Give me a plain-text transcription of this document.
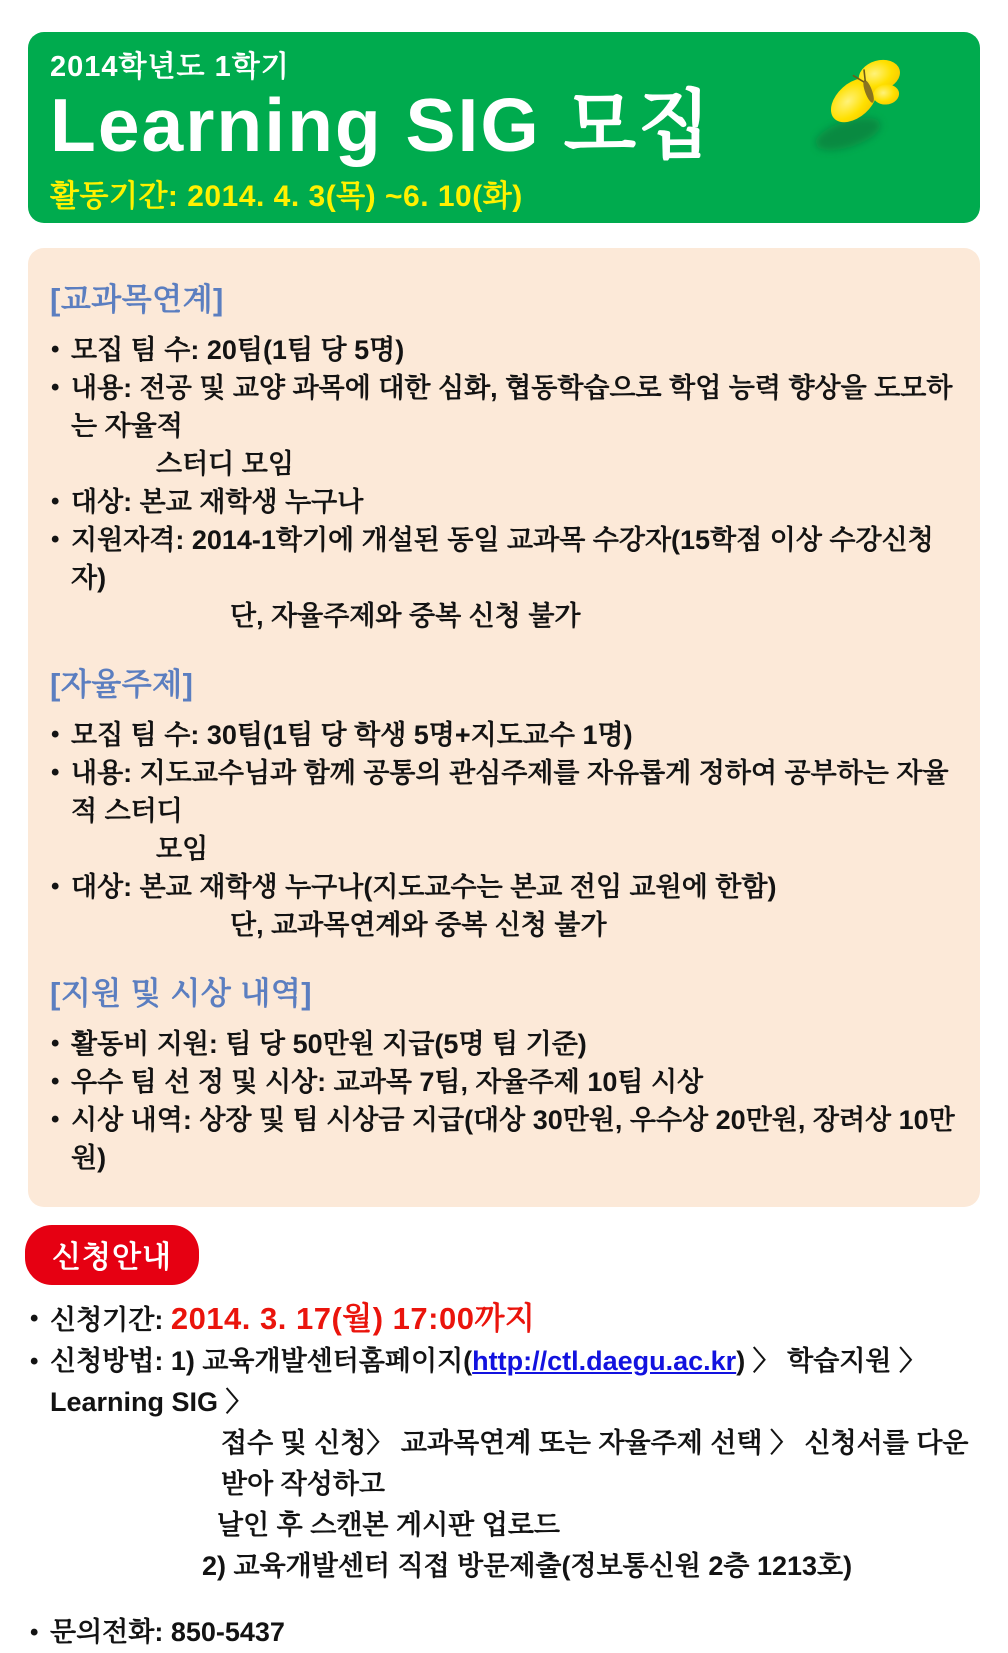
2014학년도 1학기
Learning SIG 모집
활동기간: 2014. 4. 3(목) ~6. 10(화)
[교과목연계]
• 모집 팀 수: 20팀(1팀 당 5명)
• 내용: 전공 및 교양 과목에 대한 심화, 협동학습으로 학업 능력 향상을 도모하는 자율적
스터디 모임
• 대상: 본교 재학생 누구나
• 지원자격: 2014-1학기에 개설된 동일 교과목 수강자(15학점 이상 수강신청자)
단, 자율주제와 중복 신청 불가
[자율주제]
• 모집 팀 수: 30팀(1팀 당 학생 5명+지도교수 1명)
• 내용: 지도교수님과 함께 공통의 관심주제를 자유롭게 정하여 공부하는 자율적 스터디
모임
• 대상: 본교 재학생 누구나(지도교수는 본교 전임 교원에 한함)
단, 교과목연계와 중복 신청 불가
[지원 및 시상 내역]
• 활동비 지원: 팀 당 50만원 지급(5명 팀 기준)
• 우수 팀 선 정 및 시상: 교과목 7팀, 자율주제 10팀 시상
• 시상 내역: 상장 및 팀 시상금 지급(대상 30만원, 우수상 20만원, 장려상 10만원)
신청안내
• 신청기간: 2014. 3. 17(월) 17:00까지
• 신청방법: 1) 교육개발센터홈페이지(http://ctl.daegu.ac.kr) 〉 학습지원 〉 Learning SIG 〉
접수 및 신청〉 교과목연계 또는 자율주제 선택 〉 신청서를 다운받아 작성하고
날인 후 스캔본 게시판 업로드
2) 교육개발센터 직접 방문제출(정보통신원 2층 1213호)
• 문의전화: 850-5437
